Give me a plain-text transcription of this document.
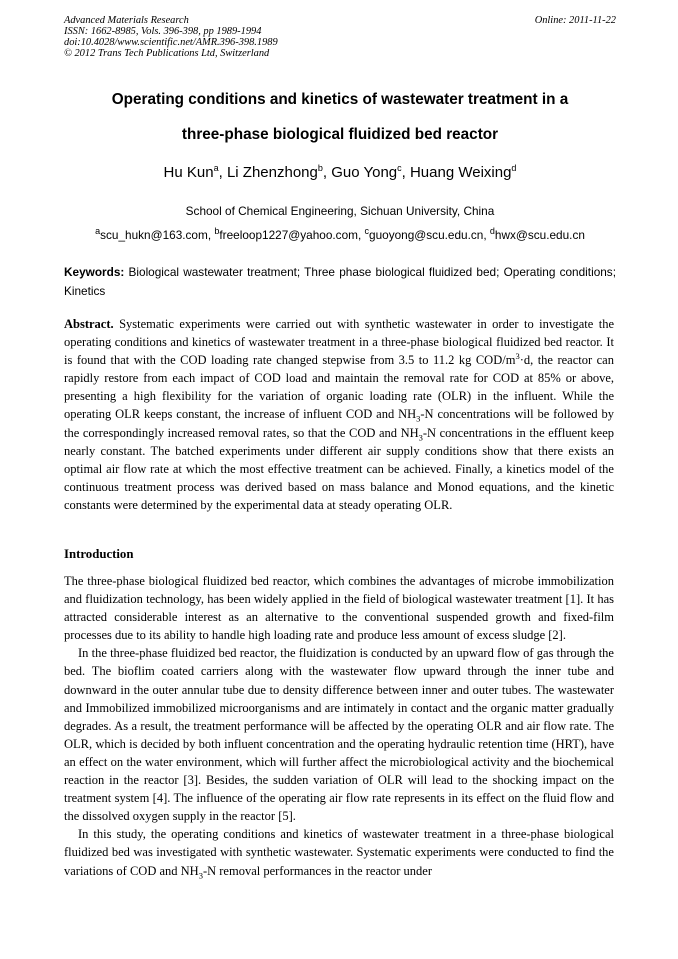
Advanced Materials Research
ISSN: 1662-8985, Vols. 396-398, pp 1989-1994
doi:10.4028/www.scientific.net/AMR.396-398.1989
© 2012 Trans Tech Publications Ltd, Switzerland
Online: 2011-11-22
Operating conditions and kinetics of wastewater treatment in a
three-phase biological fluidized bed reactor
Hu Kun$^a$, Li Zhenzhong$^b$, Guo Yong$^c$, Huang Weixing$^d$
School of Chemical Engineering, Sichuan University, China
$^a$scu_hukn@163.com, $^b$freeloop1227@yahoo.com, $^c$guoyong@scu.edu.cn, $^d$hwx@scu.edu.cn
Keywords: Biological wastewater treatment; Three phase biological fluidized bed; Operating conditions; Kinetics
Abstract. Systematic experiments were carried out with synthetic wastewater in order to investigate the operating conditions and kinetics of wastewater treatment in a three-phase biological fluidized bed reactor. It is found that with the COD loading rate changed stepwise from 3.5 to 11.2 kg COD/$m^3\cdot d$, the reactor can rapidly restore from each impact of COD load and maintain the removal rate for COD at 85% or above, presenting a high flexibility for the variation of organic loading rate (OLR) in the influent. While the operating OLR keeps constant, the increase of influent COD and $NH_3-N$ concentrations will be followed by the correspondingly increased removal rates, so that the COD and $NH_3-N$ concentrations in the effluent keep nearly constant. The batched experiments under different air supply conditions show that there exists an optimal air flow rate at which the most effective treatment can be achieved. Finally, a kinetics model of the continuous treatment process was derived based on mass balance and Monod equations, and the kinetic constants were determined by the experimental data at steady operating OLR.
Introduction

The three-phase biological fluidized bed reactor, which combines the advantages of microbe immobilization and fluidization technology, has been widely applied in the field of biological wastewater treatment [1]. It has attracted considerable interest as an alternative to the conventional suspended growth and fixed-film processes due to its ability to handle high loading rate and produce less amount of excess sludge [2].

In the three-phase fluidized bed reactor, the fluidization is conducted by an upward flow of gas through the bed. The bioflim coated carriers along with the wastewater flow upward through the inner tube and downward in the outer annular tube due to density difference between inner and outer tubes. The wastewater and Immobilized immobilized microorganisms and are intimately in contact and the organic matter gradually degrades. As a result, the treatment performance will be affected by the operating OLR and air flow rate. The OLR, which is decided by both influent concentration and the operating hydraulic retention time (HRT), have an effect on the water environment, which will further affect the microbiological activity and the biochemical reaction in the reactor [3]. Besides, the sudden variation of OLR will lead to the shocking impact on the treatment system [4]. The influence of the operating air flow rate represents in its effect on the fluid flow and the dissolved oxygen supply in the reactor [5].

In this study, the operating conditions and kinetics of wastewater treatment in a three-phase biological fluidized bed was investigated with synthetic wastewater. Systematic experiments were conducted to find the variations of COD and $NH_3-N$ removal performances in the reactor under
